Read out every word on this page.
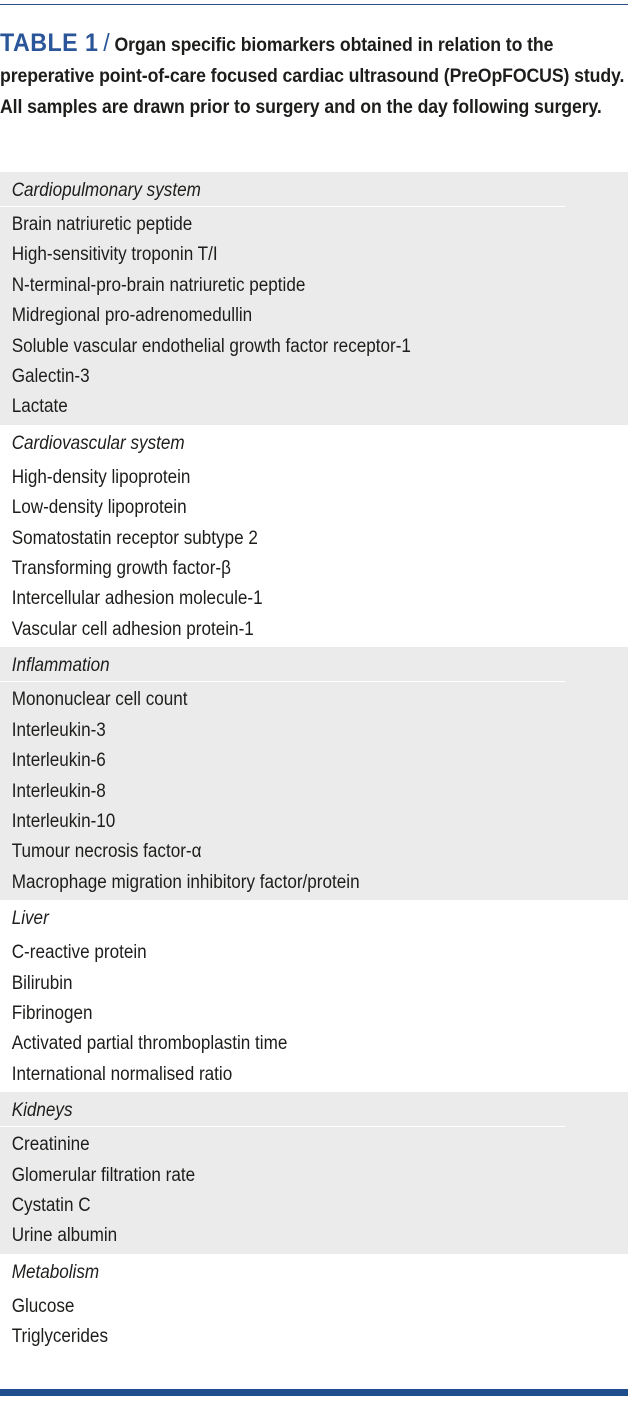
TABLE 1 / Organ specific biomarkers obtained in relation to the preperative point-of-care focused cardiac ultrasound (PreOpFOCUS) study. All samples are drawn prior to surgery and on the day following surgery.
Cardiopulmonary system
Brain natriuretic peptide
High-sensitivity troponin T/I
N-terminal-pro-brain natriuretic peptide
Midregional pro-adrenomedullin
Soluble vascular endothelial growth factor receptor-1
Galectin-3
Lactate
Cardiovascular system
High-density lipoprotein
Low-density lipoprotein
Somatostatin receptor subtype 2
Transforming growth factor-β
Intercellular adhesion molecule-1
Vascular cell adhesion protein-1
Inflammation
Mononuclear cell count
Interleukin-3
Interleukin-6
Interleukin-8
Interleukin-10
Tumour necrosis factor-α
Macrophage migration inhibitory factor/protein
Liver
C-reactive protein
Bilirubin
Fibrinogen
Activated partial thromboplastin time
International normalised ratio
Kidneys
Creatinine
Glomerular filtration rate
Cystatin C
Urine albumin
Metabolism
Glucose
Triglycerides
